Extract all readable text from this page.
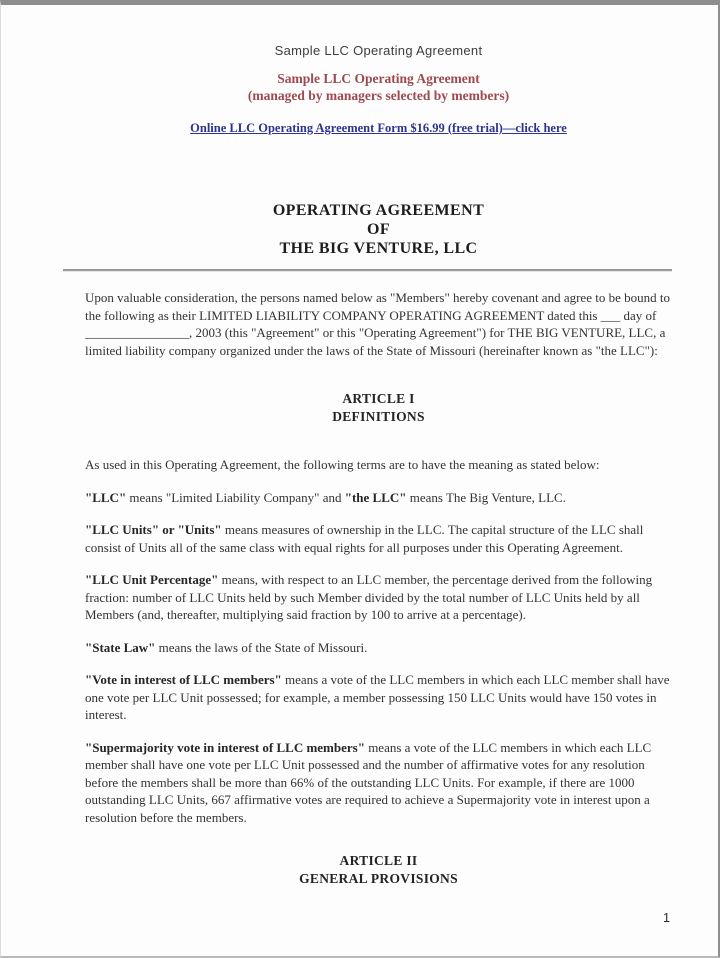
Sample LLC Operating Agreement
Sample LLC Operating Agreement
(managed by managers selected by members)
Online LLC Operating Agreement Form $16.99 (free trial)—click here
OPERATING AGREEMENT
OF
THE BIG VENTURE, LLC

Upon valuable consideration, the persons named below as "Members" hereby covenant and agree to be bound to the following as their LIMITED LIABILITY COMPANY OPERATING AGREEMENT dated this ___ day of ________________, 2003 (this "Agreement" or this "Operating Agreement") for THE BIG VENTURE, LLC, a limited liability company organized under the laws of the State of Missouri (hereinafter known as "the LLC"):

ARTICLE I
DEFINITIONS

As used in this Operating Agreement, the following terms are to have the meaning as stated below:

"LLC" means "Limited Liability Company" and "the LLC" means The Big Venture, LLC.

"LLC Units" or "Units" means measures of ownership in the LLC. The capital structure of the LLC shall consist of Units all of the same class with equal rights for all purposes under this Operating Agreement.

"LLC Unit Percentage" means, with respect to an LLC member, the percentage derived from the following fraction: number of LLC Units held by such Member divided by the total number of LLC Units held by all Members (and, thereafter, multiplying said fraction by 100 to arrive at a percentage).

"State Law" means the laws of the State of Missouri.

"Vote in interest of LLC members" means a vote of the LLC members in which each LLC member shall have one vote per LLC Unit possessed; for example, a member possessing 150 LLC Units would have 150 votes in interest.

"Supermajority vote in interest of LLC members" means a vote of the LLC members in which each LLC member shall have one vote per LLC Unit possessed and the number of affirmative votes for any resolution before the members shall be more than 66% of the outstanding LLC Units. For example, if there are 1000 outstanding LLC Units, 667 affirmative votes are required to achieve a Supermajority vote in interest upon a resolution before the members.

ARTICLE II
GENERAL PROVISIONS
1
